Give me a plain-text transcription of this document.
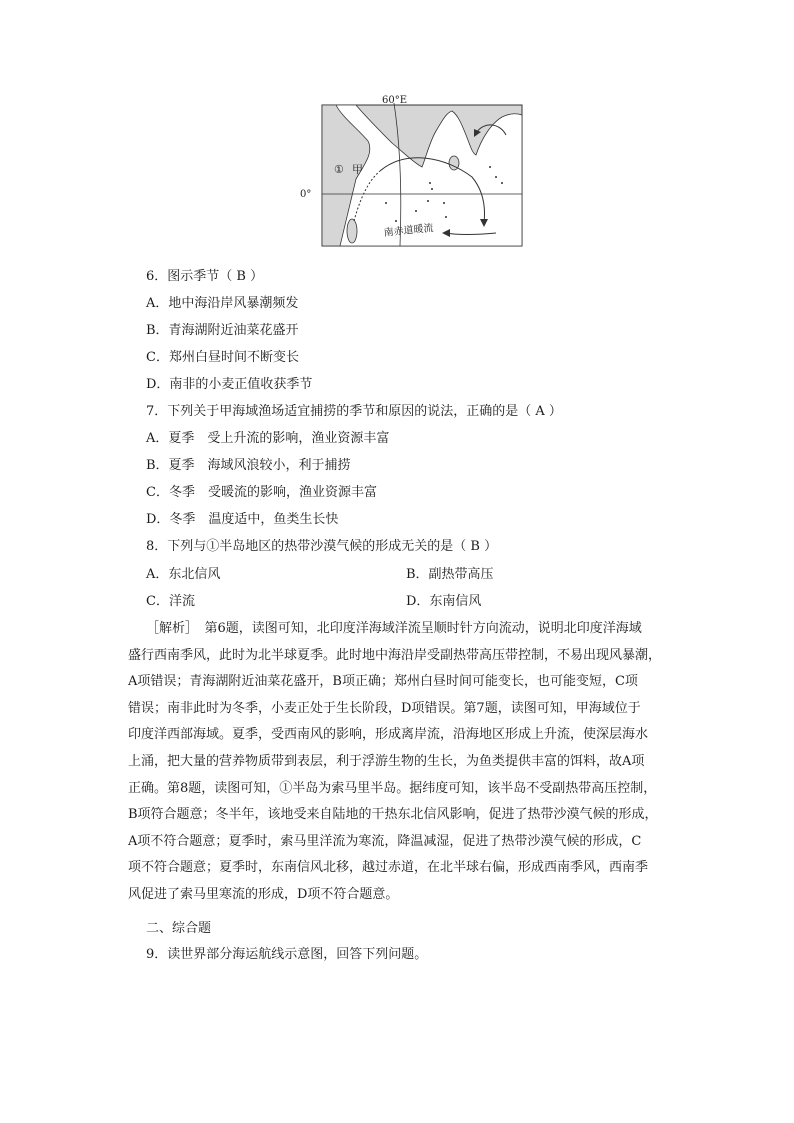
60°E
0°
① 甲
南赤道暖流
6．图示季节（ B ）
A．地中海沿岸风暴潮频发
B．青海湖附近油菜花盛开
C．郑州白昼时间不断变长
D．南非的小麦正值收获季节
7．下列关于甲海域渔场适宜捕捞的季节和原因的说法，正确的是（ A ）
A．夏季　受上升流的影响，渔业资源丰富
B．夏季　海域风浪较小，利于捕捞
C．冬季　受暖流的影响，渔业资源丰富
D．冬季　温度适中，鱼类生长快
8．下列与①半岛地区的热带沙漠气候的形成无关的是（ B ）
A．东北信风	B．副热带高压
C．洋流	D．东南信风
［解析］　第6题，读图可知，北印度洋海域洋流呈顺时针方向流动，说明北印度洋海域
盛行西南季风，此时为北半球夏季。此时地中海沿岸受副热带高压带控制，不易出现风暴潮，
A项错误；青海湖附近油菜花盛开，B项正确；郑州白昼时间可能变长，也可能变短，C项
错误；南非此时为冬季，小麦正处于生长阶段，D项错误。第7题，读图可知，甲海域位于
印度洋西部海域。夏季，受西南风的影响，形成离岸流，沿海地区形成上升流，使深层海水
上涌，把大量的营养物质带到表层，利于浮游生物的生长，为鱼类提供丰富的饵料，故A项
正确。第8题，读图可知，①半岛为索马里半岛。据纬度可知，该半岛不受副热带高压控制，
B项符合题意；冬半年，该地受来自陆地的干热东北信风影响，促进了热带沙漠气候的形成，
A项不符合题意；夏季时，索马里洋流为寒流，降温减湿，促进了热带沙漠气候的形成，C
项不符合题意；夏季时，东南信风北移，越过赤道，在北半球右偏，形成西南季风，西南季
风促进了索马里寒流的形成，D项不符合题意。
二、综合题
9．读世界部分海运航线示意图，回答下列问题。
